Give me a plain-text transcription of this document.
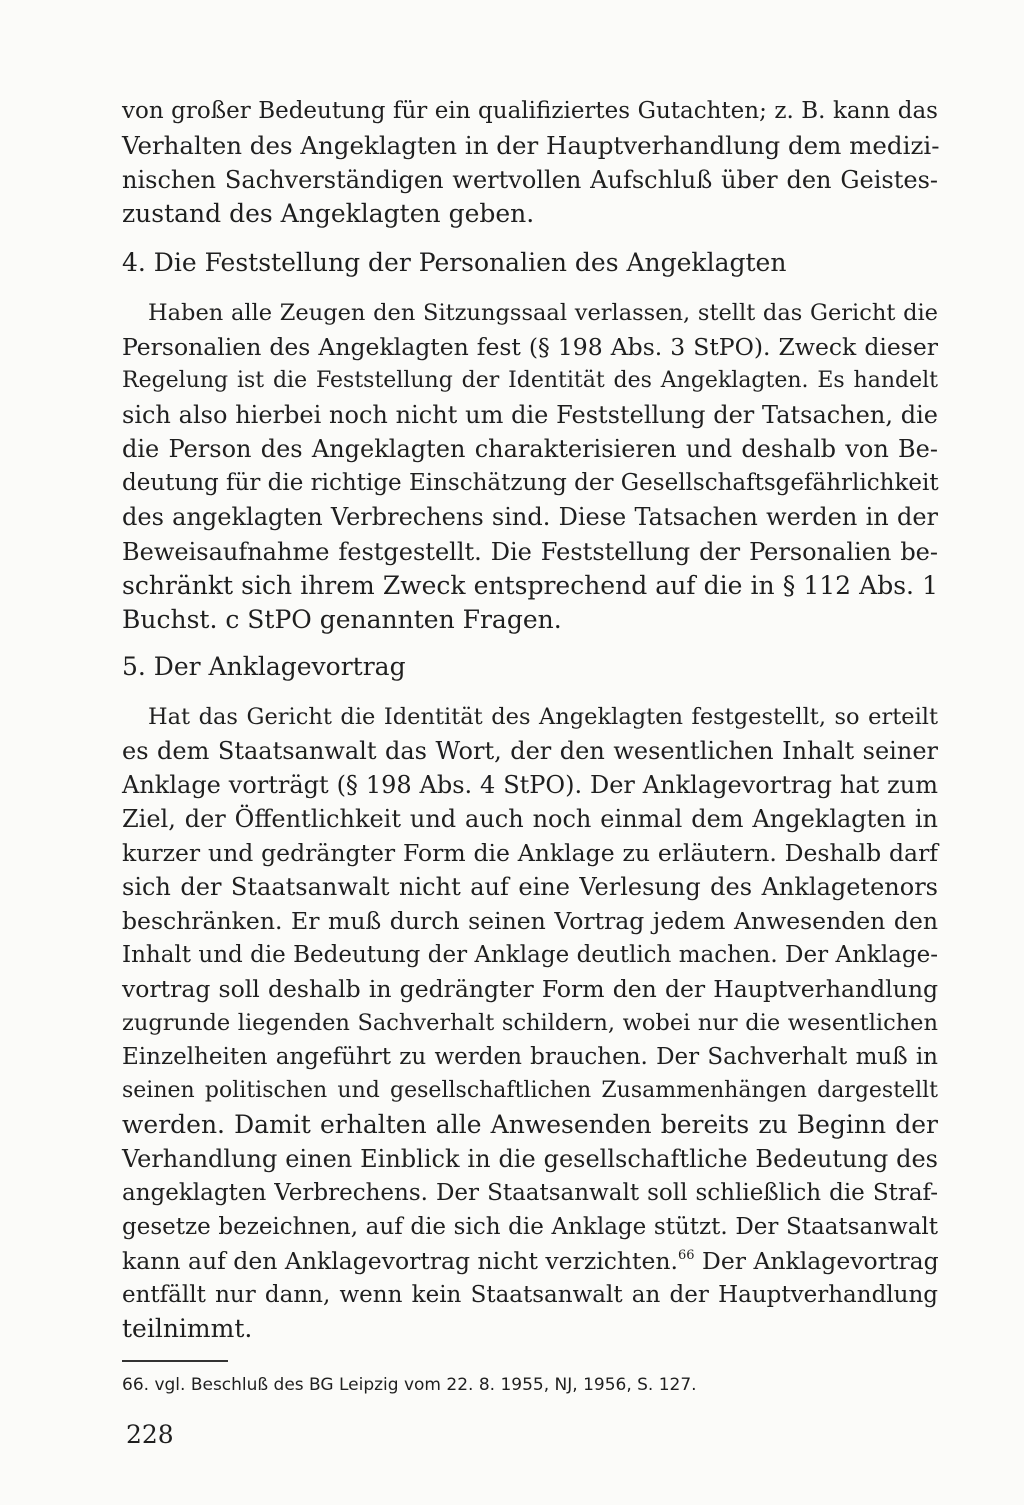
von großer Bedeutung für ein qualifiziertes Gutachten; z. B. kann das
Verhalten des Angeklagten in der Hauptverhandlung dem medizi-
nischen Sachverständigen wertvollen Aufschluß über den Geistes-
zustand des Angeklagten geben.
4. Die Feststellung der Personalien des Angeklagten
Haben alle Zeugen den Sitzungssaal verlassen, stellt das Gericht die
Personalien des Angeklagten fest (§ 198 Abs. 3 StPO). Zweck dieser
Regelung ist die Feststellung der Identität des Angeklagten. Es handelt
sich also hierbei noch nicht um die Feststellung der Tatsachen, die
die Person des Angeklagten charakterisieren und deshalb von Be-
deutung für die richtige Einschätzung der Gesellschaftsgefährlichkeit
des angeklagten Verbrechens sind. Diese Tatsachen werden in der
Beweisaufnahme festgestellt. Die Feststellung der Personalien be-
schränkt sich ihrem Zweck entsprechend auf die in § 112 Abs. 1
Buchst. c StPO genannten Fragen.
5. Der Anklagevortrag
Hat das Gericht die Identität des Angeklagten festgestellt, so erteilt
es dem Staatsanwalt das Wort, der den wesentlichen Inhalt seiner
Anklage vorträgt (§ 198 Abs. 4 StPO). Der Anklagevortrag hat zum
Ziel, der Öffentlichkeit und auch noch einmal dem Angeklagten in
kurzer und gedrängter Form die Anklage zu erläutern. Deshalb darf
sich der Staatsanwalt nicht auf eine Verlesung des Anklagetenors
beschränken. Er muß durch seinen Vortrag jedem Anwesenden den
Inhalt und die Bedeutung der Anklage deutlich machen. Der Anklage-
vortrag soll deshalb in gedrängter Form den der Hauptverhandlung
zugrunde liegenden Sachverhalt schildern, wobei nur die wesentlichen
Einzelheiten angeführt zu werden brauchen. Der Sachverhalt muß in
seinen politischen und gesellschaftlichen Zusammenhängen dargestellt
werden. Damit erhalten alle Anwesenden bereits zu Beginn der
Verhandlung einen Einblick in die gesellschaftliche Bedeutung des
angeklagten Verbrechens. Der Staatsanwalt soll schließlich die Straf-
gesetze bezeichnen, auf die sich die Anklage stützt. Der Staatsanwalt
kann auf den Anklagevortrag nicht verzichten.$^{66}$ Der Anklagevortrag
entfällt nur dann, wenn kein Staatsanwalt an der Hauptverhandlung
teilnimmt.
66. vgl. Beschluß des BG Leipzig vom 22. 8. 1955, NJ, 1956, S. 127.
228
